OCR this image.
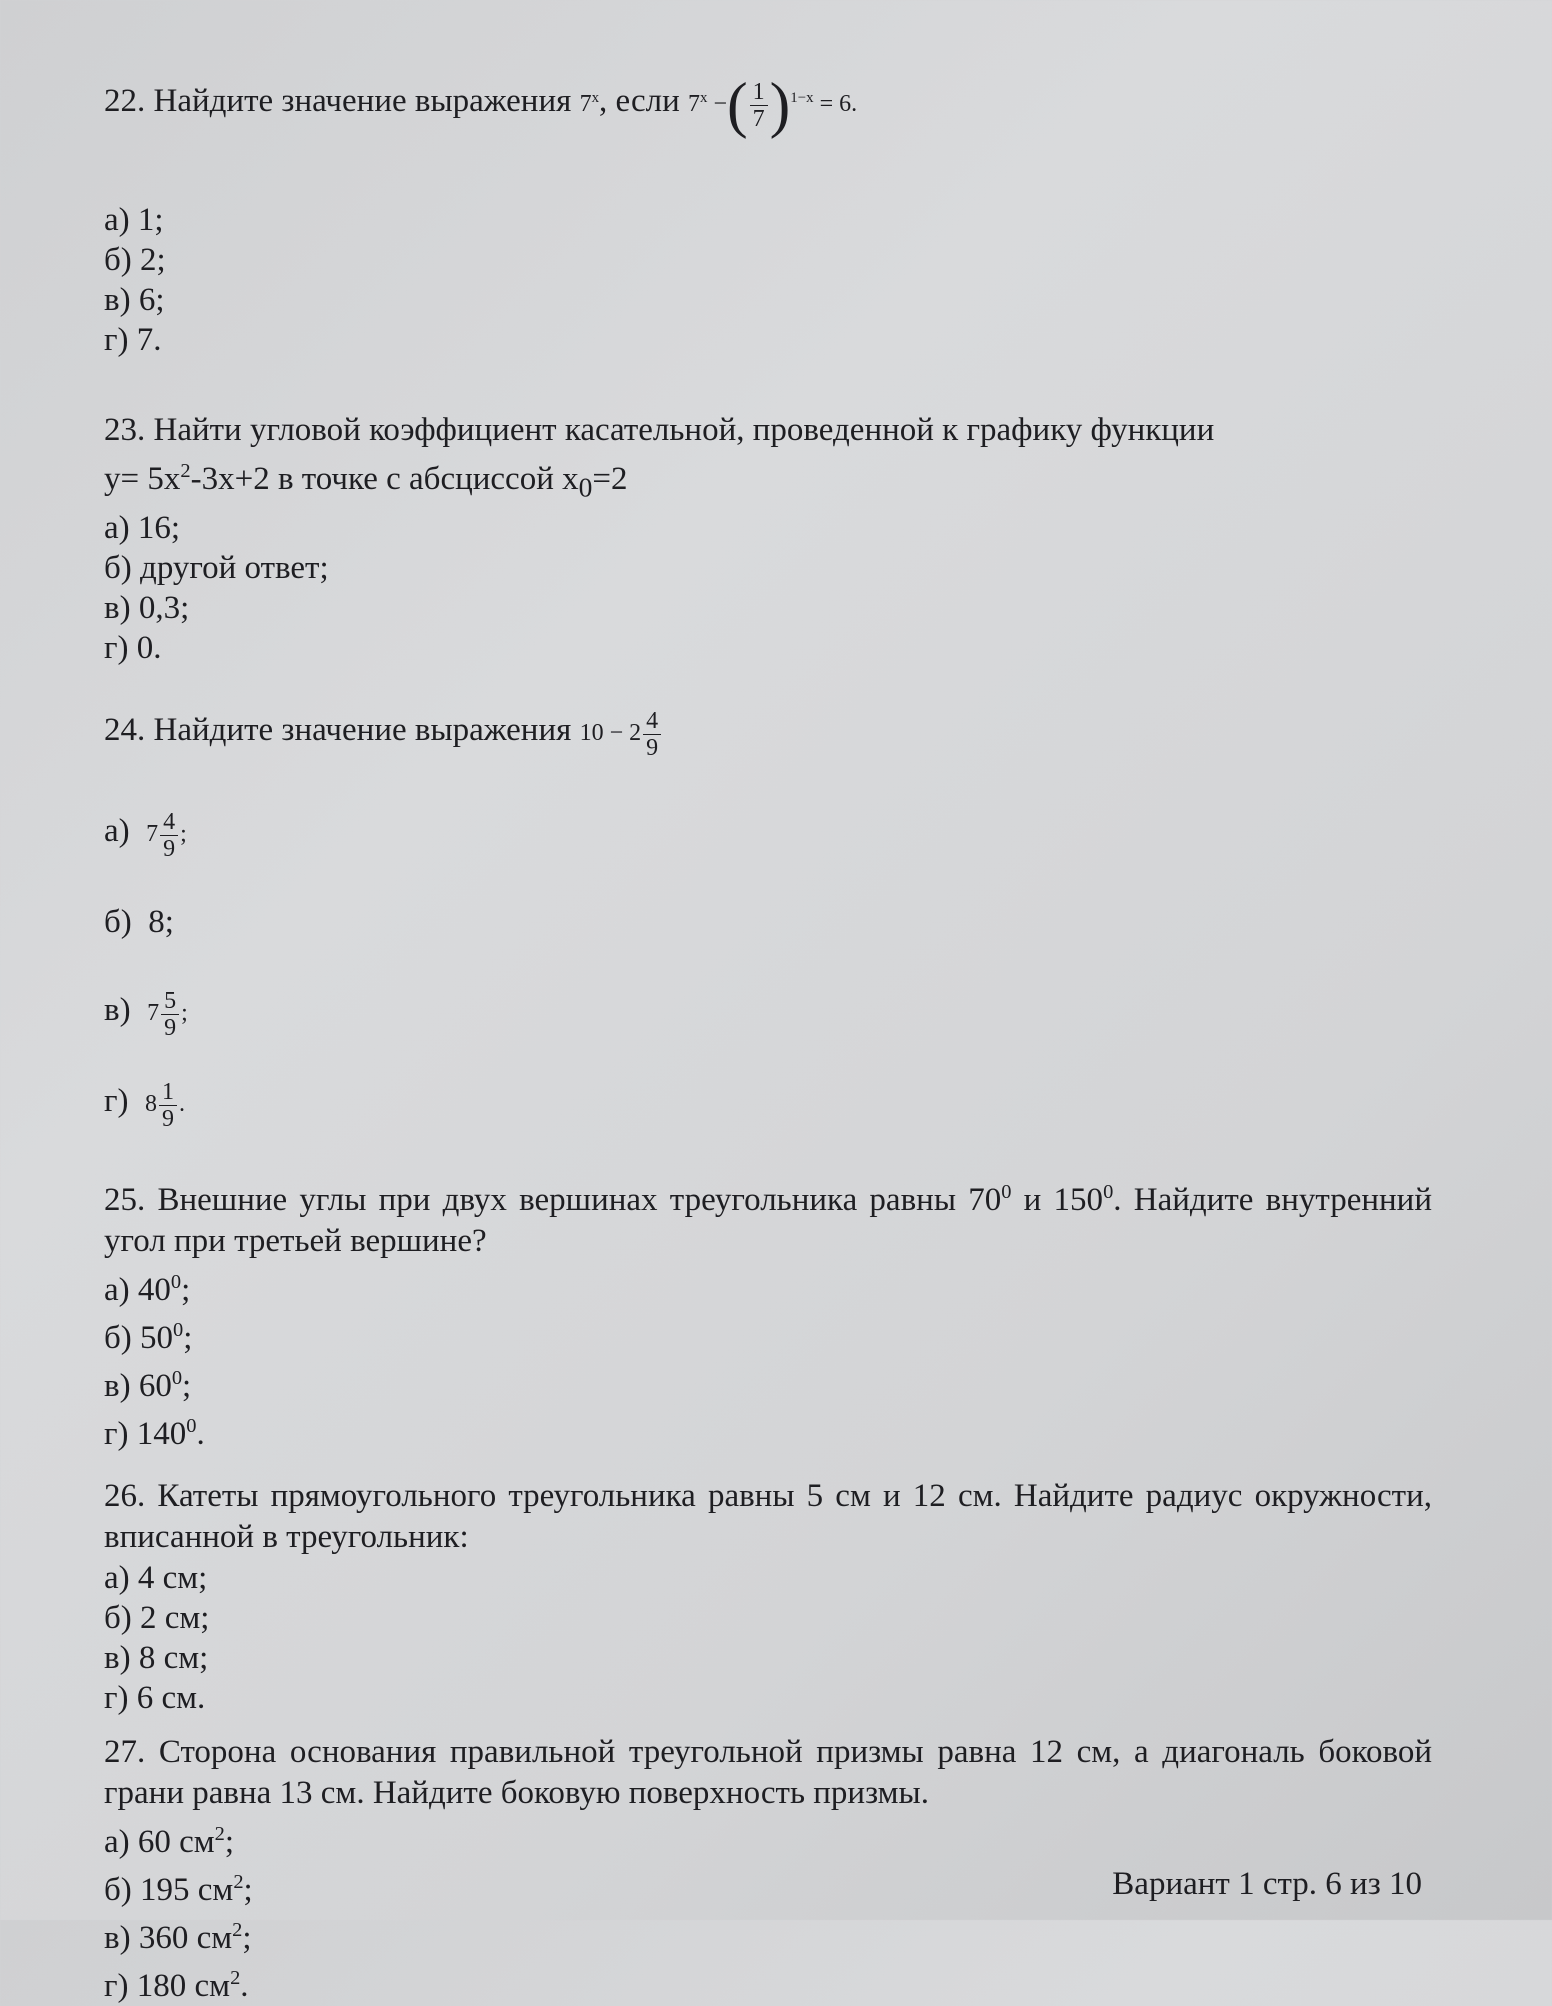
22. Найдите значение выражения 7$^x$, если $7^x$ −( $\frac{1}{7} )^{1-x} = 6$.

а) 1;
б) 2;
в) 6;
г) 7.

23. Найти угловой коэффициент касательной, проведенной к графику функции
$y= 5x^2-3x+2$ в точке с абсциссой $x_0=2$

а) 16;
б) другой ответ;
в) 0,3;
г) 0.

24. Найдите значение выражения $10 - 2 \frac{4}{9}$

а) $7 \frac{4}{9}$ ;
б) 8;
в) $7 \frac{5}{9}$ ;
г) $8 \frac{1}{9}$ .

25. Внешние углы при двух вершинах треугольника равны $70^0$ и $150^0$. Найдите внутренний угол при третьей вершине?

а) $40^0$;
б) $50^0$;
в) $60^0$;
г) $140^0$.

26. Катеты прямоугольного треугольника равны 5 см и 12 см. Найдите радиус окружности, вписанной в треугольник:

а) 4 см;
б) 2 см;
в) 8 см;
г) 6 см.

27. Сторона основания правильной треугольной призмы равна 12 см, а диагональ боковой грани равна 13 см. Найдите боковую поверхность призмы.

а) 60 $см^2$;
б) 195 $см^2$;
в) 360 $см^2$;
г) 180 $см^2$.
Вариант 1 стр. 6 из 10
